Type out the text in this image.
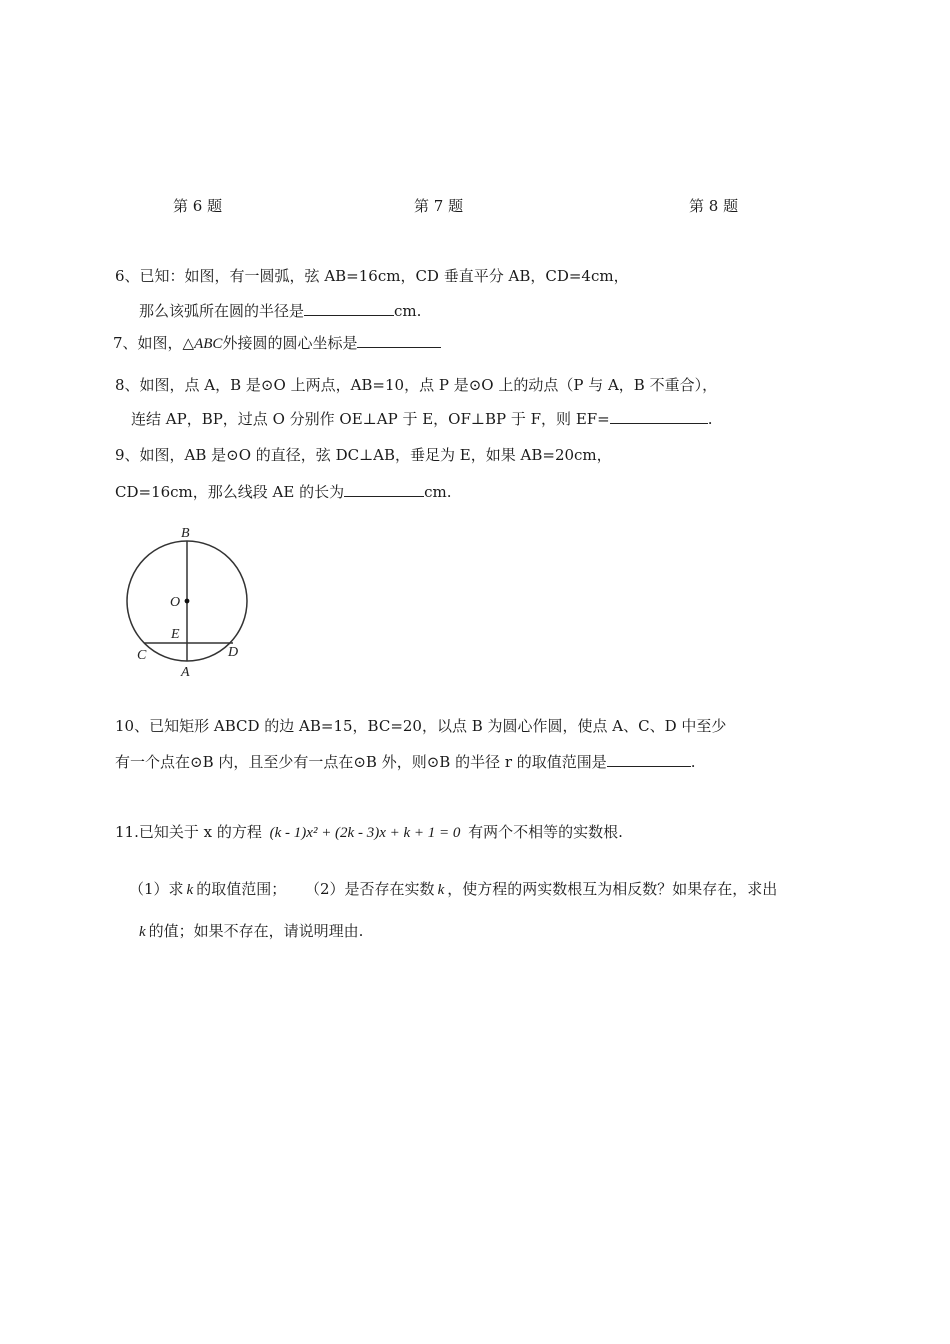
第 6 题	第 7 题	第 8 题
6、已知：如图，有一圆弧，弦 AB=16cm，CD 垂直平分 AB，CD=4cm，
那么该弧所在圆的半径是	cm.
7、如图，△ABC外接圆的圆心坐标是
8、如图，点 A，B 是⊙O 上两点，AB=10，点 P 是⊙O 上的动点（P 与 A，B 不重合），
连结 AP，BP，过点 O 分别作 OE⊥AP 于 E，OF⊥BP 于 F，则 EF=	.
9、如图，AB 是⊙O 的直径，弦 DC⊥AB，垂足为 E，如果 AB=20cm，
CD=16cm，那么线段 AE 的长为	cm.
B
O
E
C	D
A
10、已知矩形 ABCD 的边 AB=15，BC=20，以点 B 为圆心作圆，使点 A、C、D 中至少
有一个点在⊙B 内，且至少有一点在⊙B 外，则⊙B 的半径 r 的取值范围是	.
11.已知关于 x 的方程 (k - 1)x² + (2k - 3)x + k + 1 = 0 有两个不相等的实数根.
（1）求 k 的取值范围； （2）是否存在实数 k ，使方程的两实数根互为相反数？如果存在，求出
k 的值；如果不存在，请说明理由.
